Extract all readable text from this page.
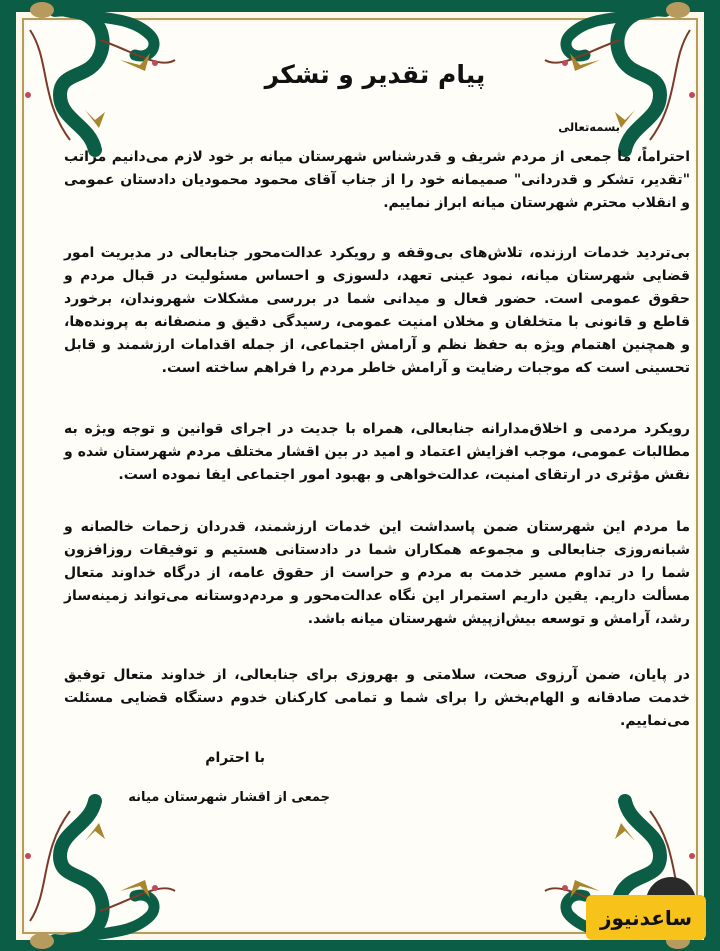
پیام تقدیر و تشکر
بسمه‌تعالی
احتراماً، ما جمعی از مردم شریف و قدرشناس شهرستان میانه بر خود لازم می‌دانیم مراتب "تقدیر، تشکر و قدردانی" صمیمانه خود را از جناب آقای محمود محمودیان دادستان عمومی و انقلاب محترم شهرستان میانه ابراز نماییم.
بی‌تردید خدمات ارزنده، تلاش‌های بی‌وقفه و رویکرد عدالت‌محور جنابعالی در مدیریت امور قضایی شهرستان میانه، نمود عینی تعهد، دلسوزی و احساس مسئولیت در قبال مردم و حقوق عمومی است. حضور فعال و میدانی شما در بررسی مشکلات شهروندان، برخورد قاطع و قانونی با متخلفان و مخلان امنیت عمومی، رسیدگی دقیق و منصفانه به پرونده‌ها، و همچنین اهتمام ویژه به حفظ نظم و آرامش اجتماعی، از جمله اقدامات ارزشمند و قابل تحسینی است که موجبات رضایت و آرامش خاطر مردم را فراهم ساخته است.
رویکرد مردمی و اخلاق‌مدارانه جنابعالی، همراه با جدیت در اجرای قوانین و توجه ویژه به مطالبات عمومی، موجب افزایش اعتماد و امید در بین اقشار مختلف مردم شهرستان شده و نقش مؤثری در ارتقای امنیت، عدالت‌خواهی و بهبود امور اجتماعی ایفا نموده است.
ما مردم این شهرستان ضمن پاسداشت این خدمات ارزشمند، قدردان زحمات خالصانه و شبانه‌روزی جنابعالی و مجموعه همکاران شما در دادستانی هستیم و توفیقات روزافزون شما را در تداوم مسیر خدمت به مردم و حراست از حقوق عامه، از درگاه خداوند متعال مسألت داریم. یقین داریم استمرار این نگاه عدالت‌محور و مردم‌دوستانه می‌تواند زمینه‌ساز رشد، آرامش و توسعه بیش‌ازپیش شهرستان میانه باشد.
در پایان، ضمن آرزوی صحت، سلامتی و بهروزی برای جنابعالی، از خداوند متعال توفیق خدمت صادقانه و الهام‌بخش را برای شما و تمامی کارکنان خدوم دستگاه قضایی مسئلت می‌نماییم.
با احترام
جمعی از اقشار شهرستان میانه
ساعدنیوز
